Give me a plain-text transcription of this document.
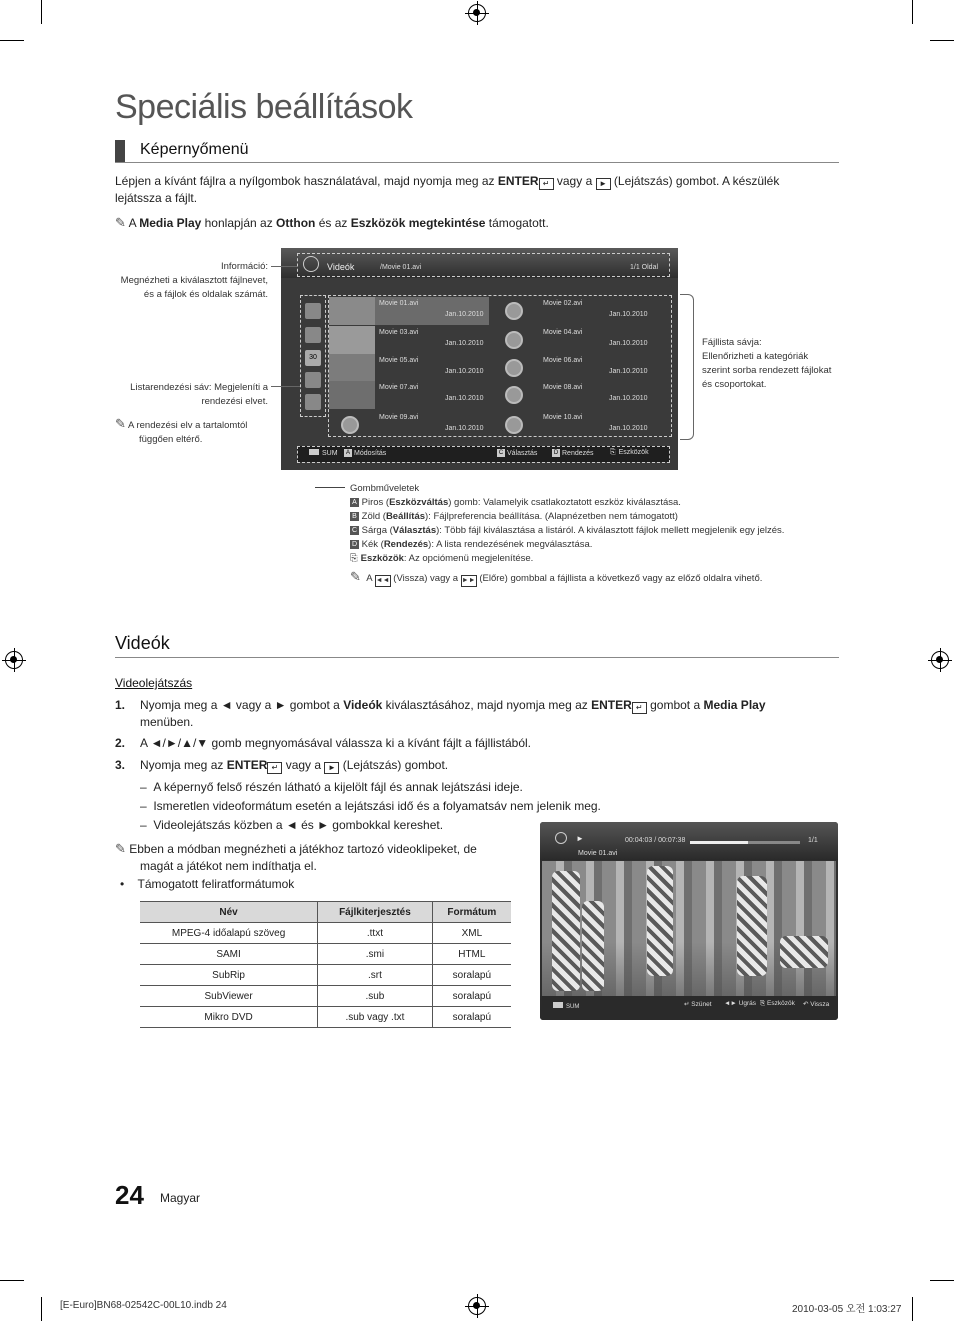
Speciális beállítások
Képernyőmenü
Lépjen a kívánt fájlra a nyílgombok használatával, majd nyomja meg az ENTER ↵ vagy a ► (Lejátszás) gombot. A készülék
lejátssza a fájlt.
✎ A Media Play honlapján az Otthon és az Eszközök megtekintése támogatott.
Videók	/Movie 01.avi	1/1 Oldal
30
Movie 01.avi
Jan.10.2010
Movie 02.avi
Jan.10.2010
Movie 03.avi
Jan.10.2010
Movie 04.avi
Jan.10.2010
Movie 05.avi
Jan.10.2010
Movie 06.avi
Jan.10.2010
Movie 07.avi
Jan.10.2010
Movie 08.avi
Jan.10.2010
Movie 09.avi
Jan.10.2010
Movie 10.avi
Jan.10.2010
SUM	A Módosítás	C Választás	D Rendezés ⎘ Eszközök
Információ:
Megnézheti a kiválasztott fájlnevet,
és a fájlok és oldalak számát.
Listarendezési sáv: Megjeleníti a
rendezési elvet.
✎ A rendezési elv a tartalomtól
függően eltérő.
Fájllista sávja:
Ellenőrizheti a kategóriák
szerint sorba rendezett fájlokat
és csoportokat.
Gombműveletek
A Piros (Eszközváltás) gomb: Valamelyik csatlakoztatott eszköz kiválasztása.
B Zöld (Beállítás): Fájlpreferencia beállítása. (Alapnézetben nem támogatott)
C Sárga (Választás): Több fájl kiválasztása a listáról. A kiválasztott fájlok mellett megjelenik egy jelzés.
D Kék (Rendezés): A lista rendezésének megválasztása.
⎘ Eszközök: Az opciómenü megjelenítése.
✎ A ◄◄ (Vissza) vagy a ►► (Előre) gombbal a fájllista a következő vagy az előző oldalra vihető.
Videók
Videolejátszás
1. Nyomja meg a ◄ vagy a ► gombot a Videók kiválasztásához, majd nyomja meg az ENTER ↵ gombot a Media Play
menüben.
2. A ◄/►/▲/▼ gomb megnyomásával válassza ki a kívánt fájlt a fájllistából.
3. Nyomja meg az ENTER ↵ vagy a ► (Lejátszás) gombot.
–  A képernyő felső részén látható a kijelölt fájl és annak lejátszási ideje.
–  Ismeretlen videoformátum esetén a lejátszási idő és a folyamatsáv nem jelenik meg.
–  Videolejátszás közben a ◄ és ► gombokkal kereshet.
✎ Ebben a módban megnézheti a játékhoz tartozó videoklipeket, de
magát a játékot nem indíthatja el.
•    Támogatott feliratformátumok
Név	Fájlkiterjesztés	Formátum
MPEG-4 időalapú szöveg	.ttxt	XML
SAMI	.smi	HTML
SubRip	.srt	soralapú
SubViewer	.sub	soralapú
Mikro DVD	.sub vagy .txt	soralapú
►	00:04:03 / 00:07:38	1/1
Movie 01.avi
SUM	↵ Szünet ◄► Ugrás ⎘ Eszközök ↶ Vissza
24 Magyar
[E-Euro]BN68-02542C-00L10.indb 24	2010-03-05 오전 1:03:27
